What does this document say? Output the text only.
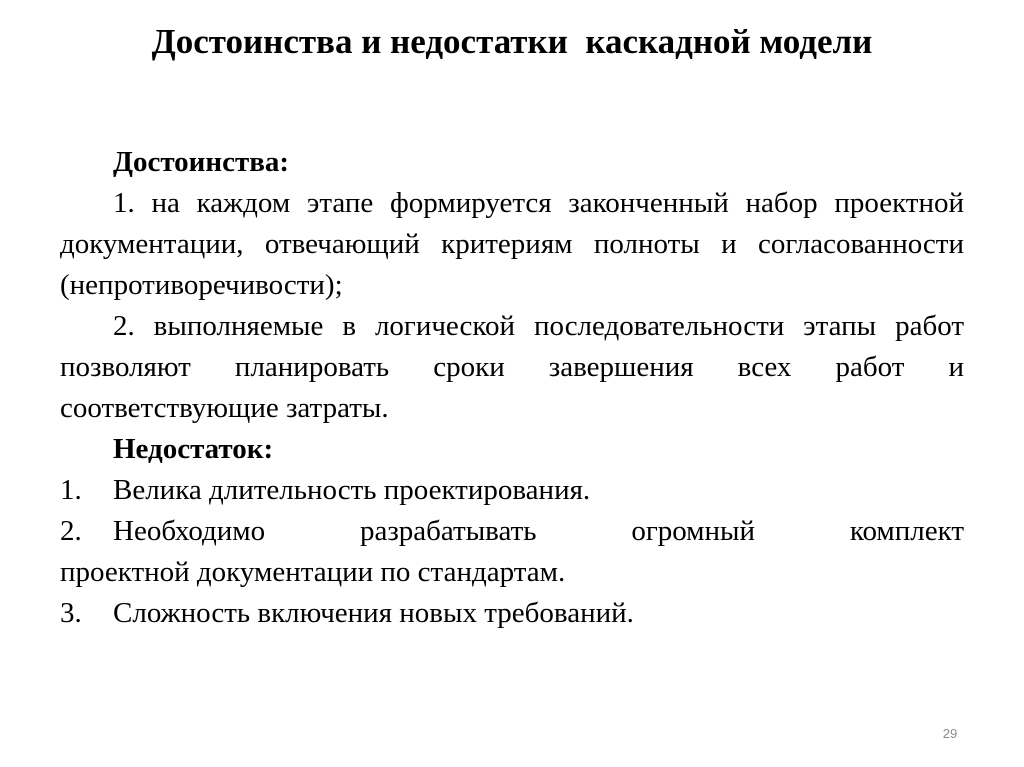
Достоинства и недостатки  каскадной модели

Достоинства:

1. на каждом этапе формируется законченный набор проектной документации, отвечающий критериям полноты и согласованности (непротиворечивости);

2. выполняемые в логической последовательности этапы работ позволяют планировать сроки завершения всех работ и соответствующие затраты.

Недостаток:

1.	Велика длительность проектирования.
2.	Необходимо разрабатывать огромный комплект
проектной документации по стандартам.
3.	Сложность включения новых требований.
29
